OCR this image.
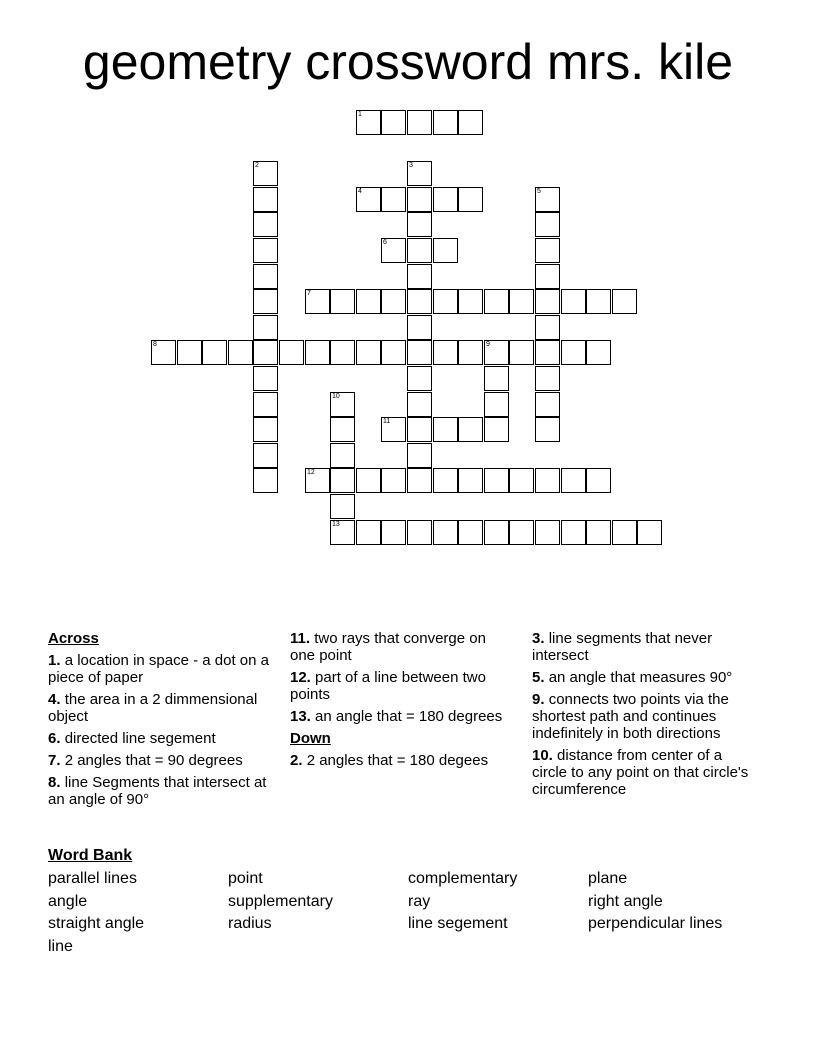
geometry crossword mrs. kile
1
2	3
4	5
6
7
8	9
10
13
11
12
Across
1. a location in space - a dot on a piece of paper
4. the area in a 2 dimmensional object
6. directed line segement
7. 2 angles that = 90 degrees
8. line Segments that intersect at an angle of 90°
11. two rays that converge on one point
12. part of a line between two points
13. an angle that = 180 degrees
Down
2. 2 angles that = 180 degees
3. line segments that never intersect
5. an angle that measures 90°
9. connects two points via the shortest path and continues indefinitely in both directions
10. distance from center of a circle to any point on that circle's circumference
Word Bank
parallel lines	point	complementary	plane
angle	supplementary	ray	right angle
straight angle	radius	line segement	perpendicular lines
line
